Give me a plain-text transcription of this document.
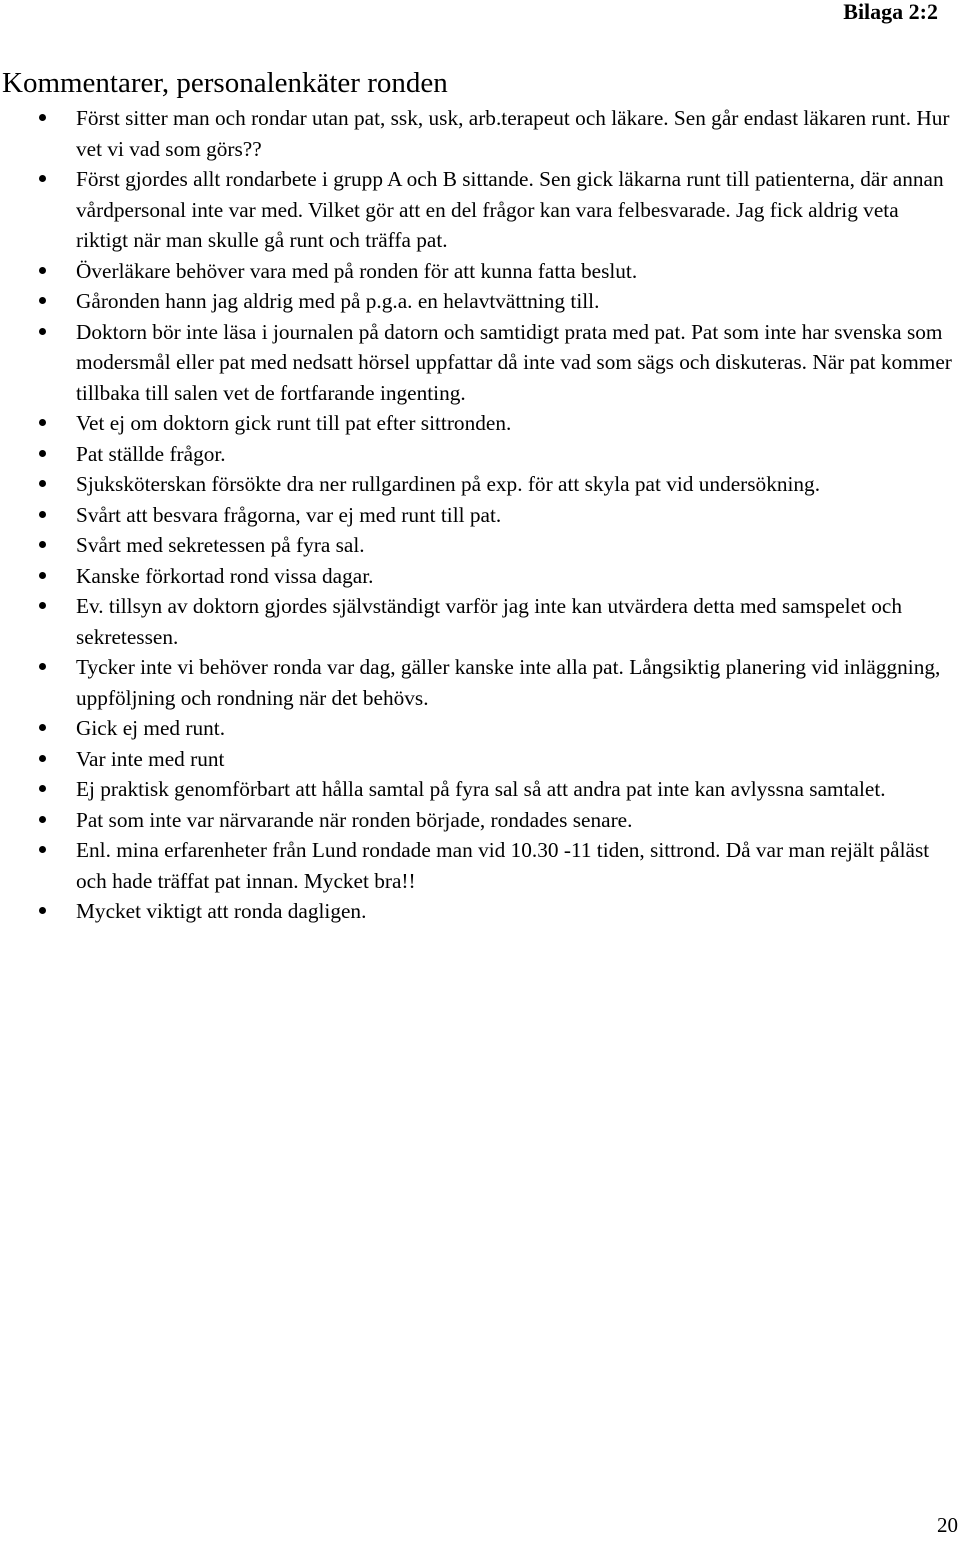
Bilaga 2:2
Kommentarer, personalenkäter ronden
Först sitter man och rondar utan pat, ssk, usk, arb.terapeut och läkare. Sen går endast läkaren runt. Hur vet vi vad som görs??
Först gjordes allt rondarbete i grupp A och B sittande. Sen gick läkarna runt till patienterna, där annan vårdpersonal inte var med. Vilket gör att en del frågor kan vara felbesvarade. Jag fick aldrig veta riktigt när man skulle gå runt och träffa pat.
Överläkare behöver vara med på ronden för att kunna fatta beslut.
Gåronden hann jag aldrig med på p.g.a. en helavtvättning till.
Doktorn bör inte läsa i journalen på datorn och samtidigt prata med pat. Pat som inte har svenska som modersmål eller pat med nedsatt hörsel uppfattar då inte vad som sägs och diskuteras. När pat kommer tillbaka till salen vet de fortfarande ingenting.
Vet ej om doktorn gick runt till pat efter sittronden.
Pat ställde frågor.
Sjuksköterskan försökte dra ner rullgardinen på exp. för att skyla pat vid undersökning.
Svårt att besvara frågorna, var ej med runt till pat.
Svårt med sekretessen på fyra sal.
Kanske förkortad rond vissa dagar.
Ev. tillsyn av doktorn gjordes självständigt varför jag inte kan utvärdera detta med samspelet och sekretessen.
Tycker inte vi behöver ronda var dag, gäller kanske inte alla pat. Långsiktig planering vid inläggning, uppföljning och rondning när det behövs.
Gick ej med runt.
Var inte med runt
Ej praktisk genomförbart att hålla samtal på fyra sal så att andra pat inte kan avlyssna samtalet.
Pat som inte var närvarande när ronden började, rondades senare.
Enl. mina erfarenheter från Lund rondade man vid 10.30 -11 tiden, sittrond. Då var man rejält påläst och hade träffat pat innan. Mycket bra!!
Mycket viktigt att ronda dagligen.
20
